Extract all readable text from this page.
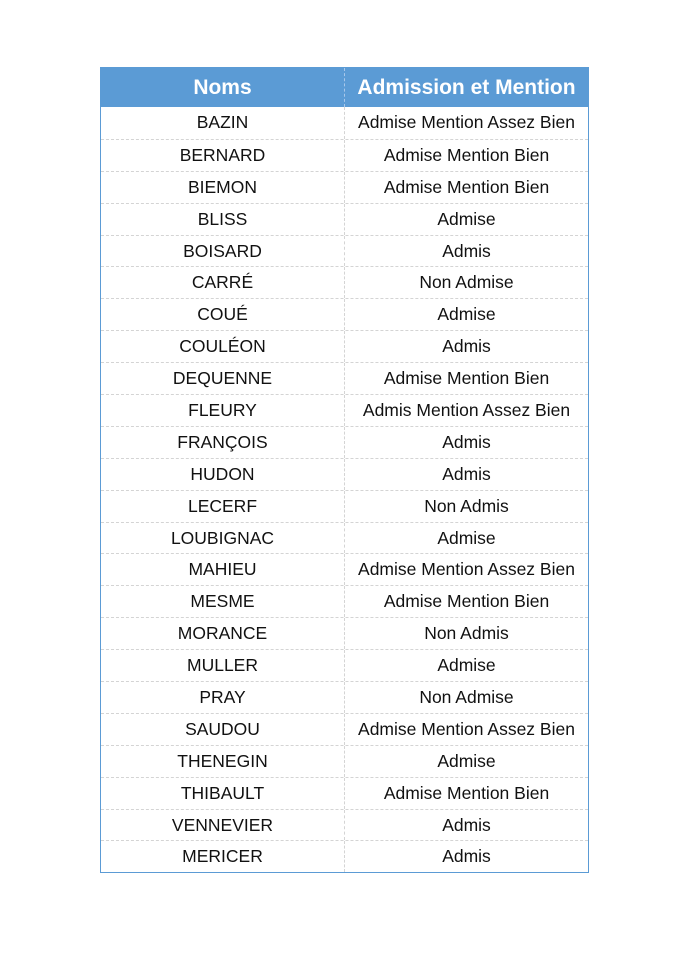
Noms	Admission et Mention
BAZIN	Admise Mention Assez Bien
BERNARD	Admise Mention Bien
BIEMON	Admise Mention Bien
BLISS	Admise
BOISARD	Admis
CARRÉ	Non Admise
COUÉ	Admise
COULÉON	Admis
DEQUENNE	Admise Mention Bien
FLEURY	Admis Mention Assez Bien
FRANÇOIS	Admis
HUDON	Admis
LECERF	Non Admis
LOUBIGNAC	Admise
MAHIEU	Admise Mention Assez Bien
MESME	Admise Mention Bien
MORANCE	Non Admis
MULLER	Admise
PRAY	Non Admise
SAUDOU	Admise Mention Assez Bien
THENEGIN	Admise
THIBAULT	Admise Mention Bien
VENNEVIER	Admis
MERICER	Admis
